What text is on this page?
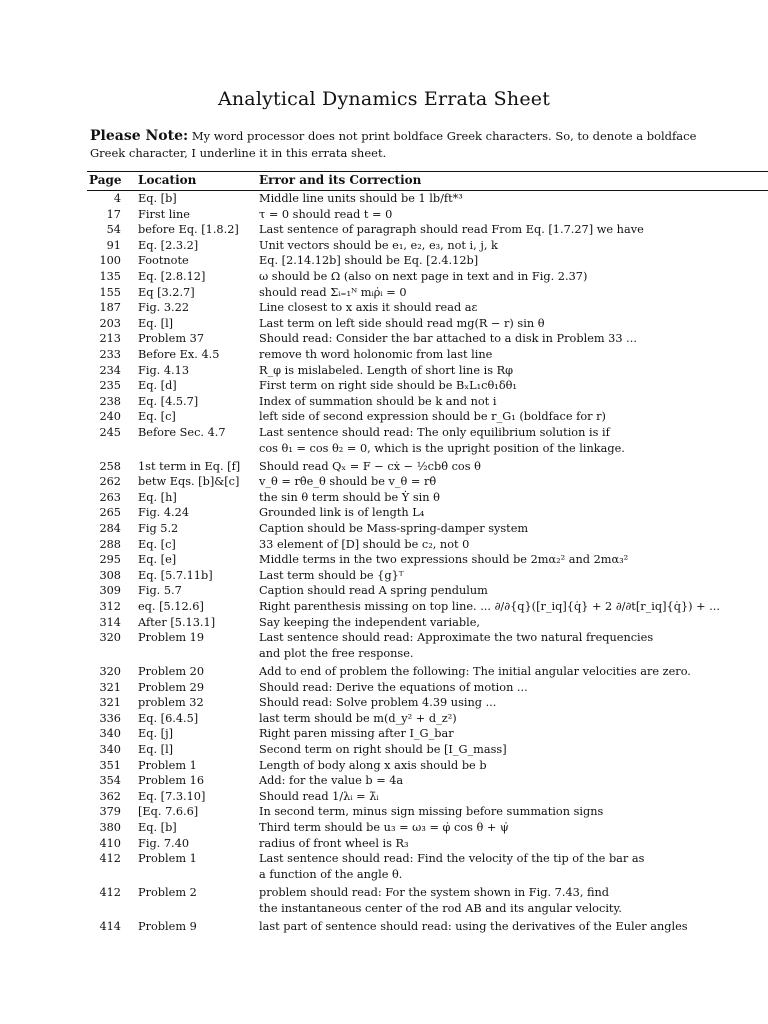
Analytical Dynamics Errata Sheet
Please Note: My word processor does not print boldface Greek characters. So, to denote a boldface Greek character, I underline it in this errata sheet.
Page Location	Error and its Correction
4 Eq. [b]	Middle line units should be 1 lb/ft*³
17 First line	τ = 0 should read t = 0
54 before Eq. [1.8.2]	Last sentence of paragraph should read From Eq. [1.7.27] we have
91 Eq. [2.3.2]	Unit vectors should be e₁, e₂, e₃, not i, j, k
100 Footnote	Eq. [2.14.12b] should be Eq. [2.4.12b]
135 Eq. [2.8.12]	ω should be Ω (also on next page in text and in Fig. 2.37)
155 Eq [3.2.7]	should read Σᵢ₌₁ᴺ mᵢρ̇ᵢ = 0
187 Fig. 3.22	Line closest to x axis it should read aε
203 Eq. [l]	Last term on left side should read mg(R − r) sin θ
213 Problem 37	Should read: Consider the bar attached to a disk in Problem 33 ...
233 Before Ex. 4.5	remove th word holonomic from last line
234 Fig. 4.13	R_φ is mislabeled. Length of short line is Rφ
235 Eq. [d]	First term on right side should be BₓL₁cθ₁δθ₁
238 Eq. [4.5.7]	Index of summation should be k and not i
240 Eq. [c]	left side of second expression should be r_G₁ (boldface for r)
245 Before Sec. 4.7	Last sentence should read: The only equilibrium solution is if
cos θ₁ = cos θ₂ = 0, which is the upright position of the linkage.
258 1st term in Eq. [f]	Should read Qₓ = F − cẋ − ½cbθ̇ cos θ
262 betw Eqs. [b]&[c]	v_θ = rθ̇e_θ should be v_θ = rθ̇
263 Eq. [h]	the sin θ term should be Ẏ sin θ
265 Fig. 4.24	Grounded link is of length L₄
284 Fig 5.2	Caption should be Mass-spring-damper system
288 Eq. [c]	33 element of [D] should be c₂, not 0
295 Eq. [e]	Middle terms in the two expressions should be 2mα₂² and 2mα₃²
308 Eq. [5.7.11b]	Last term should be {g}ᵀ
309 Fig. 5.7	Caption should read A spring pendulum
312 eq. [5.12.6]	Right parenthesis missing on top line. ... ∂/∂{q}([r_iq]{q̇} + 2 ∂/∂t[r_iq]{q̇}) + ...
314 After [5.13.1]	Say keeping the independent variable,
320 Problem 19	Last sentence should read: Approximate the two natural frequencies
and plot the free response.
320 Problem 20	Add to end of problem the following: The initial angular velocities are zero.
321 Problem 29	Should read: Derive the equations of motion ...
321 problem 32	Should read: Solve problem 4.39 using ...
336 Eq. [6.4.5]	last term should be m(d_y² + d_z²)
340 Eq. [j]	Right paren missing after I_G_bar
340 Eq. [l]	Second term on right should be [I_G_mass]
351 Problem 1	Length of body along x axis should be b
354 Problem 16	Add: for the value b = 4a
362 Eq. [7.3.10]	Should read 1/λᵢ = λ̄ᵢ
379 [Eq. 7.6.6]	In second term, minus sign missing before summation signs
380 Eq. [b]	Third term should be u₃ = ω₃ = φ̇ cos θ + ψ̇
410 Fig. 7.40	radius of front wheel is R₃
412 Problem 1	Last sentence should read: Find the velocity of the tip of the bar as
a function of the angle θ.
412 Problem 2	problem should read: For the system shown in Fig. 7.43, find
the instantaneous center of the rod AB and its angular velocity.
414 Problem 9	last part of sentence should read: using the derivatives of the Euler angles
